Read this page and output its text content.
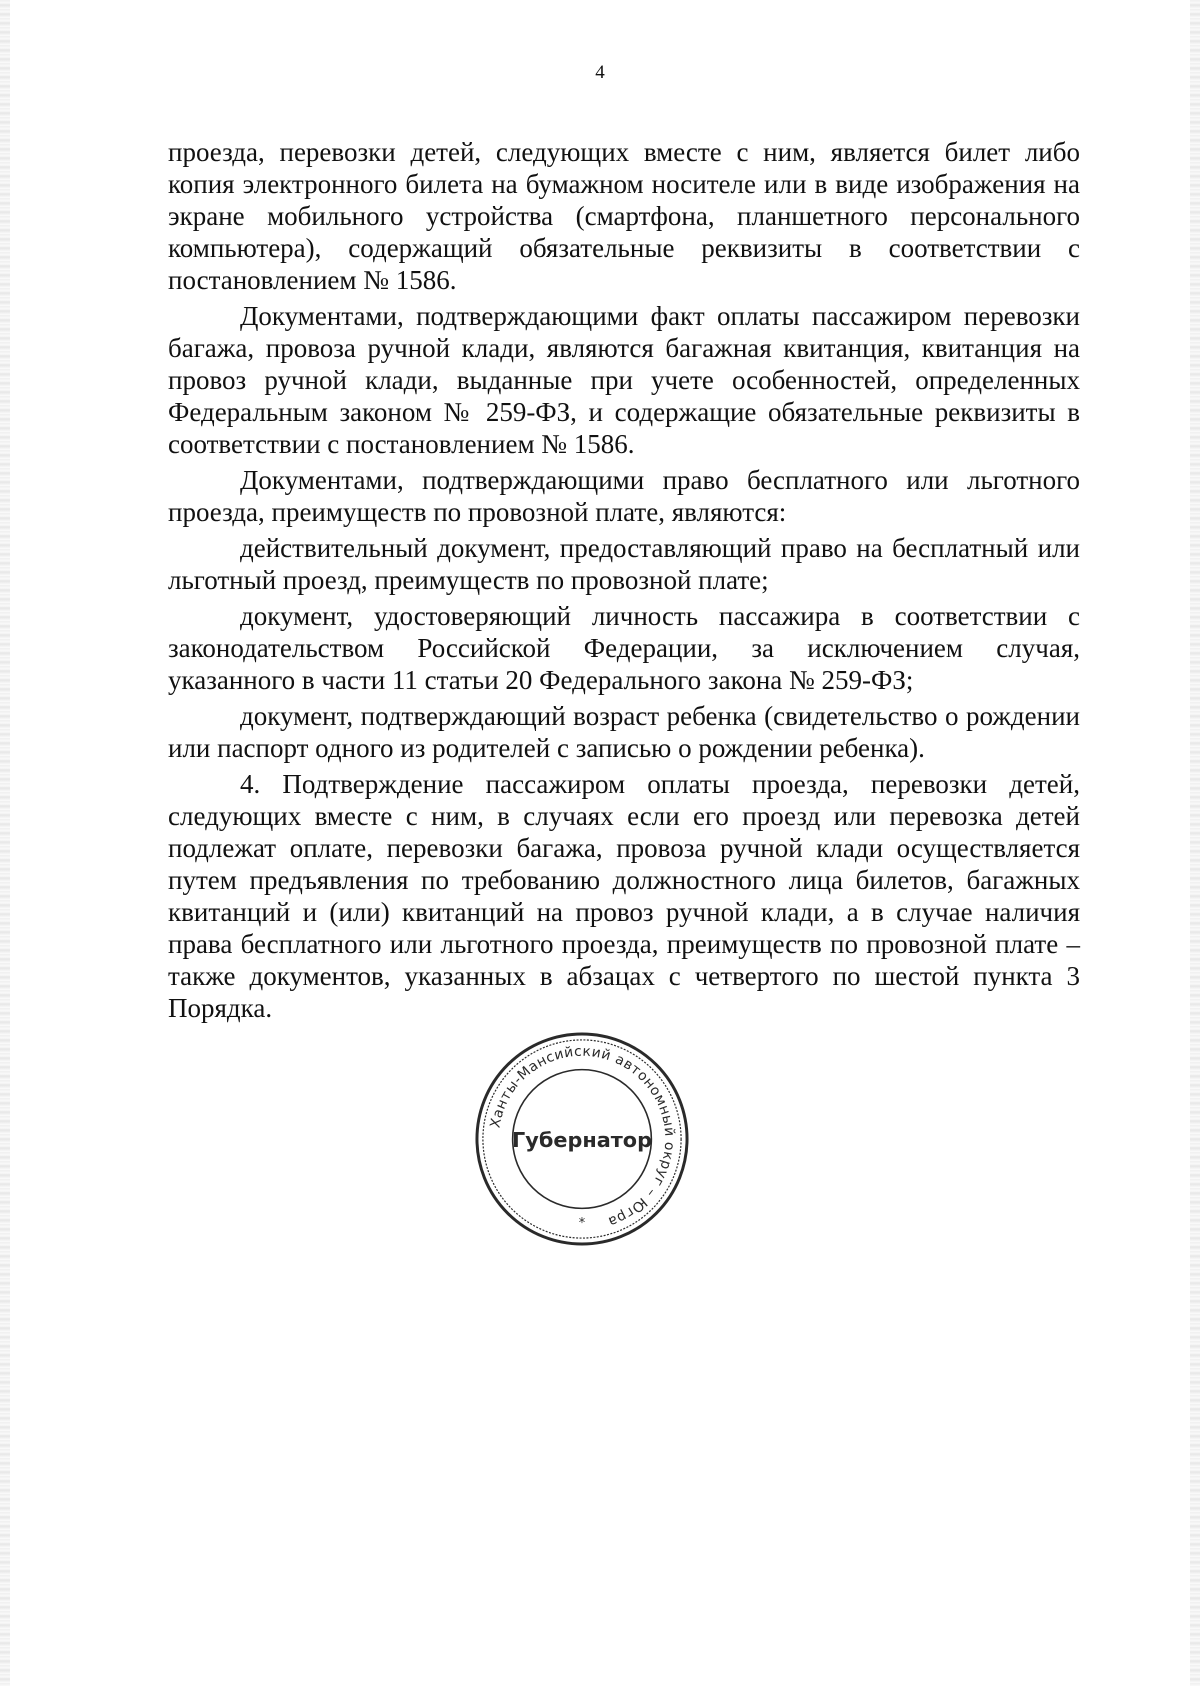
4

проезда, перевозки детей, следующих вместе с ним, является билет либо копия электронного билета на бумажном носителе или в виде изображения на экране мобильного устройства (смартфона, планшетного персонального компьютера), содержащий обязательные реквизиты в соответствии с постановлением № 1586.

Документами, подтверждающими факт оплаты пассажиром перевозки багажа, провоза ручной клади, являются багажная квитанция, квитанция на провоз ручной клади, выданные при учете особенностей, определенных Федеральным законом № 259-ФЗ, и содержащие обязательные реквизиты в соответствии с постановлением № 1586.

Документами, подтверждающими право бесплатного или льготного проезда, преимуществ по провозной плате, являются:

действительный документ, предоставляющий право на бесплатный или льготный проезд, преимуществ по провозной плате;

документ, удостоверяющий личность пассажира в соответствии с законодательством Российской Федерации, за исключением случая, указанного в части 11 статьи 20 Федерального закона № 259-ФЗ;

документ, подтверждающий возраст ребенка (свидетельство о рождении или паспорт одного из родителей с записью о рождении ребенка).

4. Подтверждение пассажиром оплаты проезда, перевозки детей, следующих вместе с ним, в случаях если его проезд или перевозка детей подлежат оплате, перевозки багажа, провоза ручной клади осуществляется путем предъявления по требованию должностного лица билетов, багажных квитанций и (или) квитанций на провоз ручной клади, а в случае наличия права бесплатного или льготного проезда, преимуществ по провозной плате – также документов, указанных в абзацах с четвертого по шестой пункта 3 Порядка.

Ханты-Мансийский автономный округ – Югра
Губернатор
*
